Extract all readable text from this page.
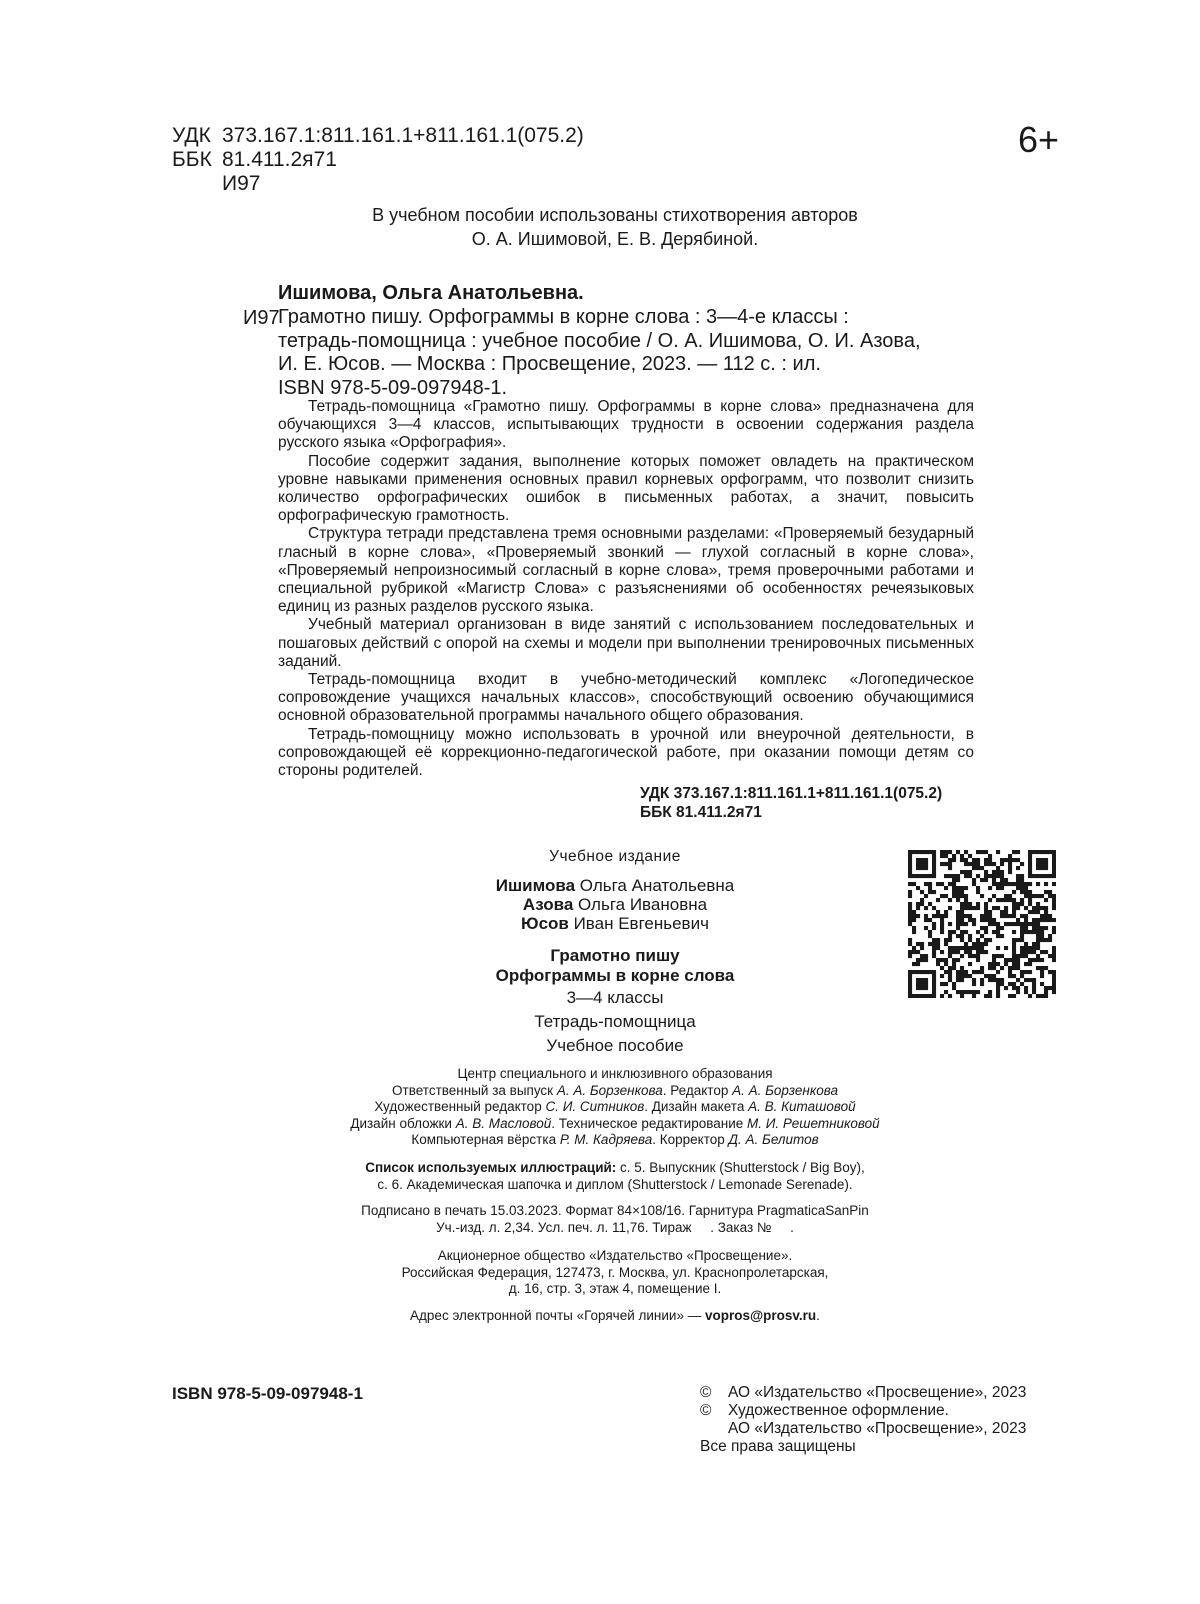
УДК 373.167.1:811.161.1+811.161.1(075.2)
ББК 81.411.2я71
И97
6+
В учебном пособии использованы стихотворения авторов
О. А. Ишимовой, Е. В. Дерябиной.
Ишимова, Ольга Анатольевна.
И97

Грамотно пишу. Орфограммы в корне слова : 3—4-е классы :

тетрадь-помощница : учебное пособие / О. А. Ишимова, О. И. Азова,

И. Е. Юсов. — Москва : Просвещение, 2023. — 112 с. : ил.

ISBN 978-5-09-097948-1.

Тетрадь-помощница «Грамотно пишу. Орфограммы в корне слова» предназначена для обучающихся 3—4 классов, испытывающих трудности в освоении содержания раздела русского языка «Орфография».

Пособие содержит задания, выполнение которых поможет овладеть на практическом уровне навыками применения основных правил корневых орфограмм, что позволит снизить количество орфографических ошибок в письменных работах, а значит, повысить орфографическую грамотность.

Структура тетради представлена тремя основными разделами: «Проверяемый безударный гласный в корне слова», «Проверяемый звонкий — глухой согласный в корне слова», «Проверяемый непроизносимый согласный в корне слова», тремя проверочными работами и специальной рубрикой «Магистр Слова» с разъяснениями об особенностях речеязыковых единиц из разных разделов русского языка.

Учебный материал организован в виде занятий с использованием последовательных и пошаговых действий с опорой на схемы и модели при выполнении тренировочных письменных заданий.

Тетрадь-помощница входит в учебно-методический комплекс «Логопедическое сопровождение учащихся начальных классов», способствующий освоению обучающимися основной образовательной программы начального общего образования.

Тетрадь-помощницу можно использовать в урочной или внеурочной деятельности, в сопровождающей её коррекционно-педагогической работе, при оказании помощи детям со стороны родителей.

УДК 373.167.1:811.161.1+811.161.1(075.2)
ББК 81.411.2я71
Учебное издание
Ишимова Ольга Анатольевна
Азова Ольга Ивановна
Юсов Иван Евгеньевич
Грамотно пишу
Орфограммы в корне слова
3—4 классы
Тетрадь-помощница
Учебное пособие
Центр специального и инклюзивного образования
Ответственный за выпуск А. А. Борзенкова. Редактор А. А. Борзенкова
Художественный редактор С. И. Ситников. Дизайн макета А. В. Киташовой
Дизайн обложки А. В. Масловой. Техническое редактирование М. И. Решетниковой
Компьютерная вёрстка Р. М. Кадряева. Корректор Д. А. Белитов
Список используемых иллюстраций: с. 5. Выпускник (Shutterstock / Big Boy),
с. 6. Академическая шапочка и диплом (Shutterstock / Lemonade Serenade).
Подписано в печать 15.03.2023. Формат 84×108/16. Гарнитура PragmaticaSanPin
Уч.-изд. л. 2,34. Усл. печ. л. 11,76. Тираж     . Заказ №     .
Акционерное общество «Издательство «Просвещение».
Российская Федерация, 127473, г. Москва, ул. Краснопролетарская,
д. 16, стр. 3, этаж 4, помещение I.
Адрес электронной почты «Горячей линии» — vopros@prosv.ru.
ISBN 978-5-09-097948-1	© АО «Издательство «Просвещение», 2023
© Художественное оформление.
АО «Издательство «Просвещение», 2023
Все права защищены
